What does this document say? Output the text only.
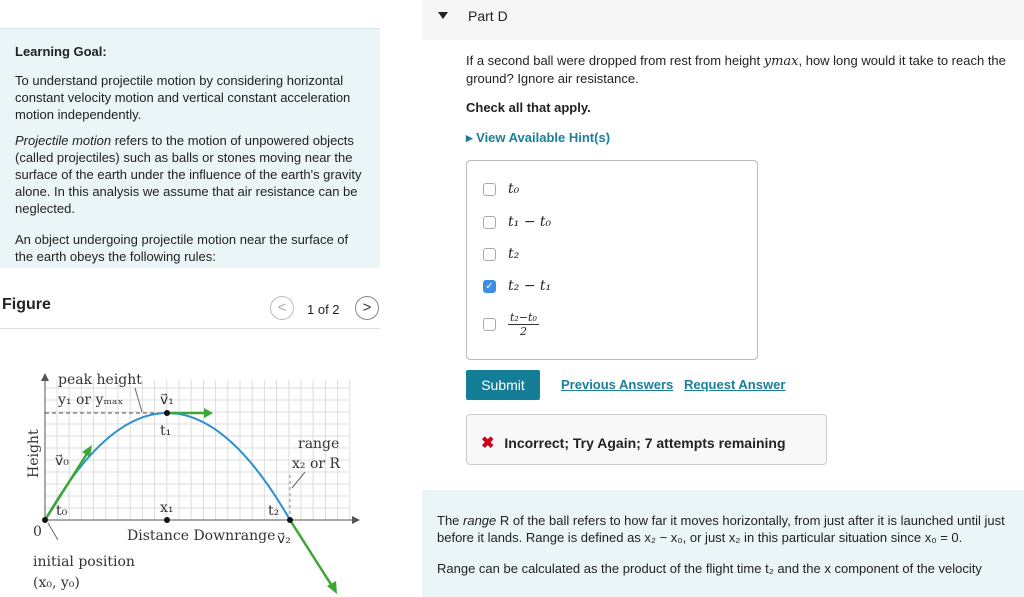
Learning Goal:

To understand projectile motion by considering horizontal constant velocity motion and vertical constant acceleration motion independently.

Projectile motion refers to the motion of unpowered objects (called projectiles) such as balls or stones moving near the surface of the earth under the influence of the earth's gravity alone. In this analysis we assume that air resistance can be neglected.

An object undergoing projectile motion near the surface of the earth obeys the following rules:

Figure	<	1 of 2	>
peak height
y₁ or yₘₐₓ	v⃗₁
t₁
v⃗₀
t₀
Height	range
x₂ or R
x₁	t₂
0	Distance Downrange v⃗₂
initial position
(x₀, y₀)
Part D
If a second ball were dropped from rest from height ymax, how long would it take to reach the ground? Ignore air resistance.
Check all that apply.
▸ View Available Hint(s)
t₀
t₁ − t₀
t₂
✓ t₂ − t₁
$\frac{\text{t₂−t₀}}{2}$
Submit	Previous Answers Request Answer
✖ Incorrect; Try Again; 7 attempts remaining

The range R of the ball refers to how far it moves horizontally, from just after it is launched until just before it lands. Range is defined as x₂ − x₀, or just x₂ in this particular situation since x₀ = 0.

Range can be calculated as the product of the flight time t₂ and the x component of the velocity
